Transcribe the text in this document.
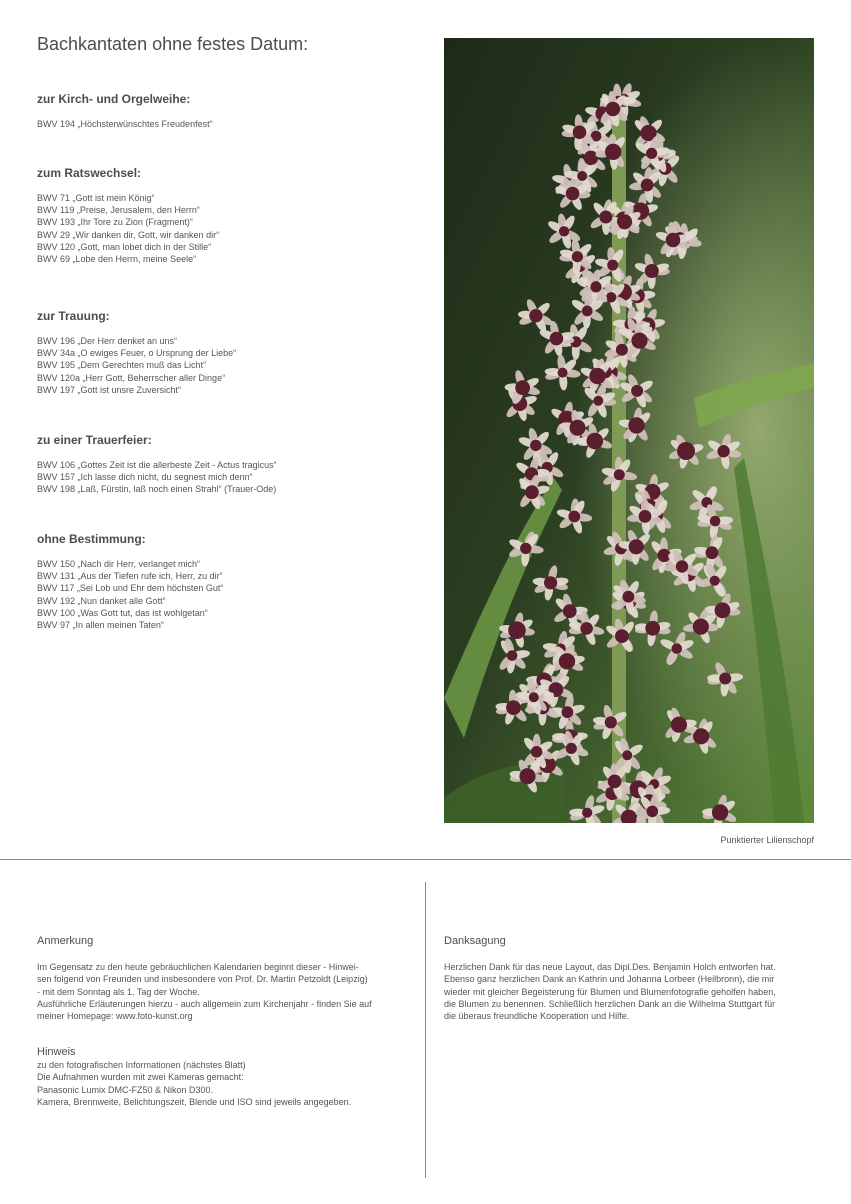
Bachkantaten ohne festes Datum:
zur Kirch- und Orgelweihe:
BWV 194 „Höchsterwünschtes Freudenfest“
zum Ratswechsel:
BWV 71 „Gott ist mein König“
BWV 119 „Preise, Jerusalem, den Herrn“
BWV 193 „Ihr Tore zu Zion (Fragment)“
BWV 29 „Wir danken dir, Gott, wir danken dir“
BWV 120 „Gott, man lobet dich in der Stille“
BWV 69 „Lobe den Herrn, meine Seele“
zur Trauung:
BWV 196 „Der Herr denket an uns“
BWV 34a „O ewiges Feuer, o Ursprung der Liebe“
BWV 195 „Dem Gerechten muß das Licht“
BWV 120a „Herr Gott, Beherrscher aller Dinge“
BWV 197 „Gott ist unsre Zuversicht“
zu einer Trauerfeier:
BWV 106 „Gottes Zeit ist die allerbeste Zeit - Actus tragicus“
BWV 157 „Ich lasse dich nicht, du segnest mich denn“
BWV 198 „Laß, Fürstin, laß noch einen Strahl“ (Trauer-Ode)
ohne Bestimmung:
BWV 150 „Nach dir Herr, verlanget mich“
BWV 131 „Aus der Tiefen rufe ich, Herr, zu dir“
BWV 117 „Sei Lob und Ehr dem höchsten Gut“
BWV 192 „Nun danket alle Gott“
BWV 100 „Was Gott tut, das ist wohlgetan“
BWV 97 „In allen meinen Taten“
Punktierter Lilienschopf
Anmerkung

Im Gegensatz zu den heute gebräuchlichen Kalendarien beginnt dieser - Hinwei-

sen folgend von Freunden und insbesondere von Prof. Dr. Martin Petzoldt (Leipzig)

- mit dem Sonntag als 1. Tag der Woche.

Ausführliche Erläuterungen hierzu - auch allgemein zum Kirchenjahr - finden Sie auf

meiner Homepage: www.foto-kunst.org

Hinweis

zu den fotografischen Informationen (nächstes Blatt)

Die Aufnahmen wurden mit zwei Kameras gemacht:

Panasonic Lumix DMC-FZ50 & Nikon D300.

Kamera, Brennweite, Belichtungszeit, Blende und ISO sind jeweils angegeben.

Danksagung

Herzlichen Dank für das neue Layout, das Dipl.Des. Benjamin Holch entworfen hat.

Ebenso ganz herzlichen Dank an Kathrin und Johanna Lorbeer (Heilbronn), die mir

wieder mit gleicher Begeisterung für Blumen und Blumenfotografie geholfen haben,

die Blumen zu benennen. Schließlich herzlichen Dank an die Wilhelma Stuttgart für

die überaus freundliche Kooperation und Hilfe.
